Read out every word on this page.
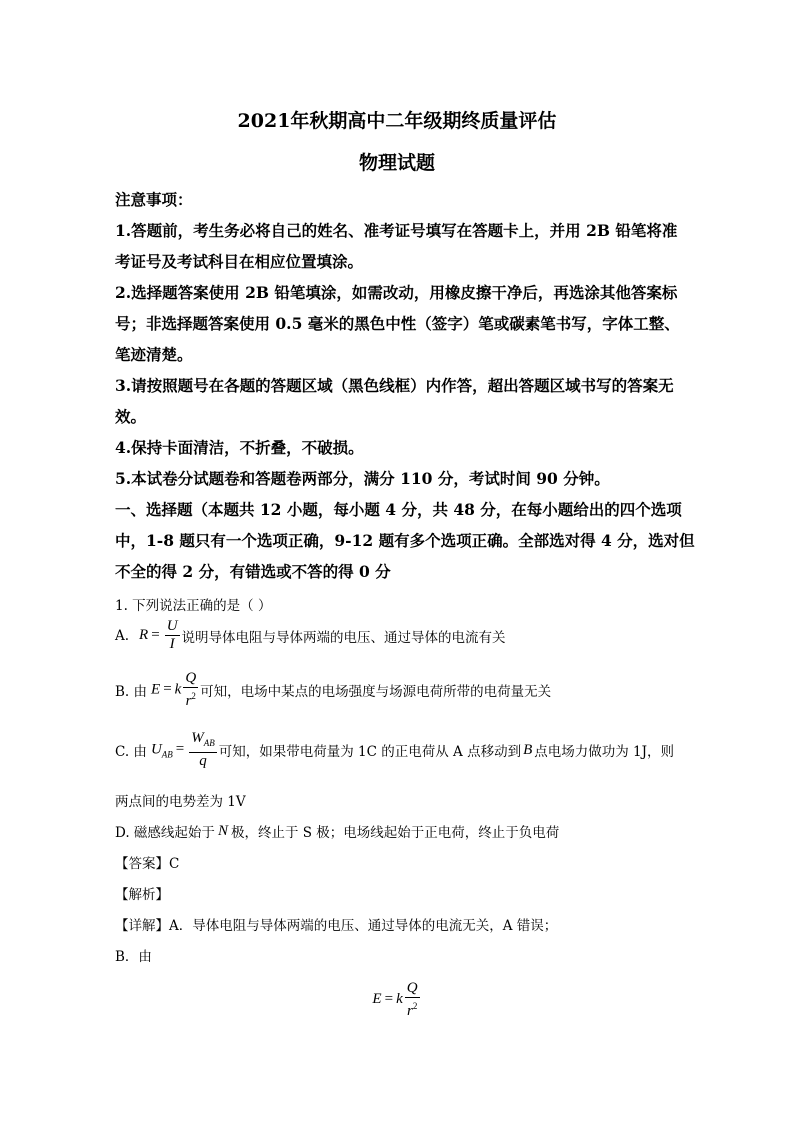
2021年秋期高中二年级期终质量评估
物理试题
注意事项：
1.答题前，考生务必将自己的姓名、准考证号填写在答题卡上，并用 2B 铅笔将准
考证号及考试科目在相应位置填涂。
2.选择题答案使用 2B 铅笔填涂，如需改动，用橡皮擦干净后，再选涂其他答案标
号；非选择题答案使用 0.5 毫米的黑色中性（签字）笔或碳素笔书写，字体工整、
笔迹清楚。
3.请按照题号在各题的答题区域（黑色线框）内作答，超出答题区域书写的答案无
效。
4.保持卡面清洁，不折叠，不破损。
5.本试卷分试题卷和答题卷两部分，满分 110 分，考试时间 90 分钟。
一、选择题（本题共 12 小题，每小题 4 分，共 48 分，在每小题给出的四个选项
中，1-8 题只有一个选项正确，9-12 题有多个选项正确。全部选对得 4 分，选对但
不全的得 2 分，有错选或不答的得 0 分
1. 下列说法正确的是（ ）
A. $R = \frac{U}{I}$ 说明导体电阻与导体两端的电压、通过导体的电流有关
B. 由 E = k $\frac{Q}{r^2}$ 可知，电场中某点的电场强度与场源电荷所带的电荷量无关
C. 由 $U_{AB} = \frac{W_{AB}}{q}$ 可知，如果带电荷量为 1C 的正电荷从 A 点移动到 B 点电场力做功为 1J，则
两点间的电势差为 1V
D. 磁感线起始于 N 极，终止于 S 极；电场线起始于正电荷，终止于负电荷
【答案】C
【解析】
【详解】A．导体电阻与导体两端的电压、通过导体的电流无关，A 错误；
B．由
E = k $\frac{Q}{r^2}$
